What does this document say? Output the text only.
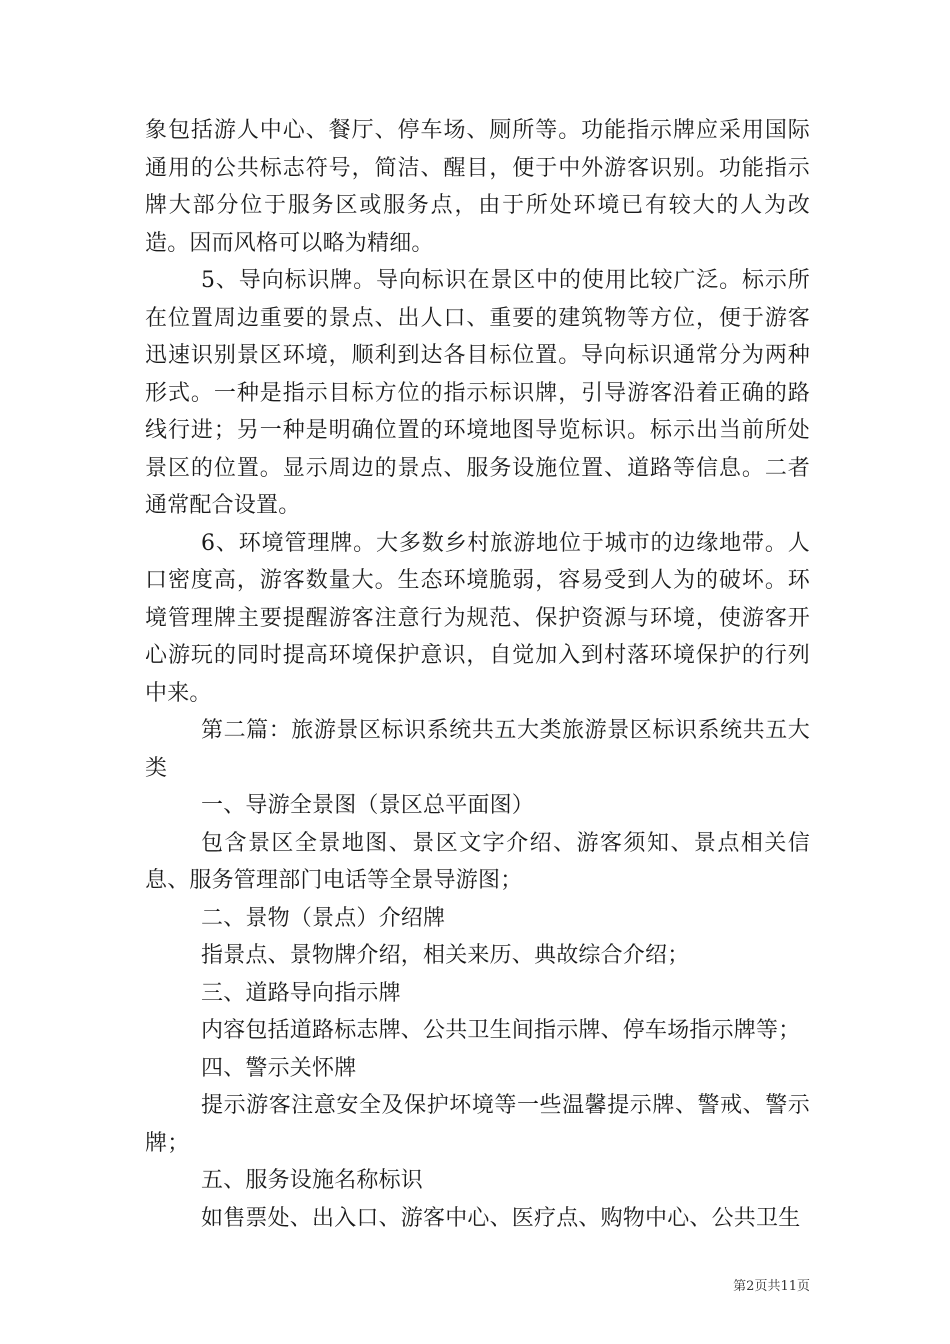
象包括游人中心、餐厅、停车场、厕所等。功能指示牌应采用国际通用的公共标志符号，简洁、醒目，便于中外游客识别。功能指示牌大部分位于服务区或服务点，由于所处环境已有较大的人为改造。因而风格可以略为精细。

5、导向标识牌。导向标识在景区中的使用比较广泛。标示所在位置周边重要的景点、出人口、重要的建筑物等方位，便于游客迅速识别景区环境，顺利到达各目标位置。导向标识通常分为两种形式。一种是指示目标方位的指示标识牌，引导游客沿着正确的路线行进；另一种是明确位置的环境地图导览标识。标示出当前所处景区的位置。显示周边的景点、服务设施位置、道路等信息。二者通常配合设置。

6、环境管理牌。大多数乡村旅游地位于城市的边缘地带。人口密度高，游客数量大。生态环境脆弱，容易受到人为的破坏。环境管理牌主要提醒游客注意行为规范、保护资源与环境，使游客开心游玩的同时提高环境保护意识，自觉加入到村落环境保护的行列中来。

第二篇：旅游景区标识系统共五大类旅游景区标识系统共五大类

一、导游全景图（景区总平面图）

包含景区全景地图、景区文字介绍、游客须知、景点相关信息、服务管理部门电话等全景导游图；

二、景物（景点）介绍牌

指景点、景物牌介绍，相关来历、典故综合介绍；

三、道路导向指示牌

内容包括道路标志牌、公共卫生间指示牌、停车场指示牌等；

四、警示关怀牌

提示游客注意安全及保护坏境等一些温馨提示牌、警戒、警示牌；

五、服务设施名称标识

如售票处、出入口、游客中心、医疗点、购物中心、公共卫生

第2页共11页
